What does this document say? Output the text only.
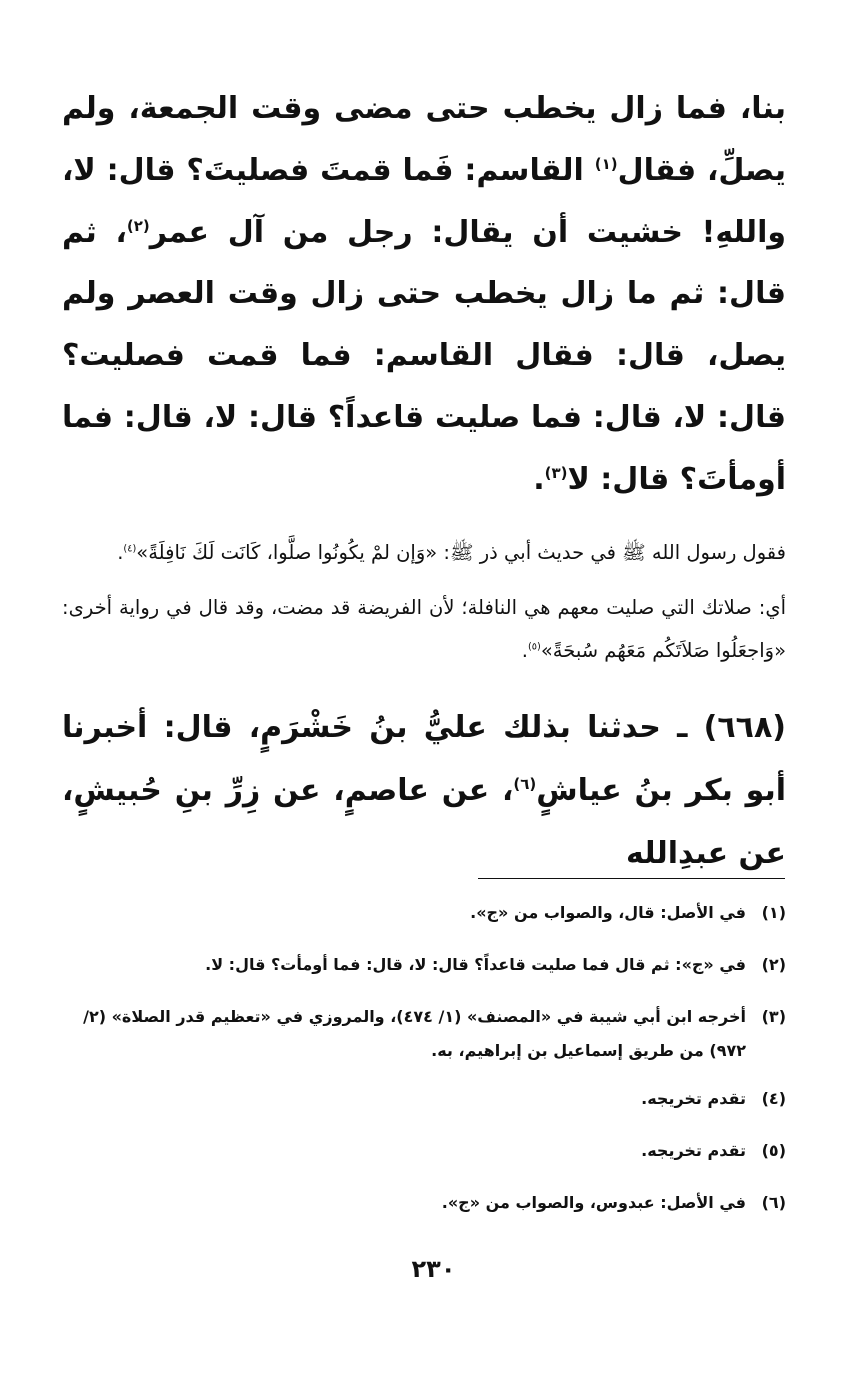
بنا، فما زال يخطب حتى مضى وقت الجمعة، ولم يصلِّ، فقال$^{(١)}$ القاسم: فَما قمتَ فصليتَ؟ قال: لا، واللهِ! خشيت أن يقال: رجل من آل عمر$^{(٢)}$، ثم قال: ثم ما زال يخطب حتى زال وقت العصر ولم يصل، قال: فقال القاسم: فما قمت فصليت؟ قال: لا، قال: فما صليت قاعداً؟ قال: لا، قال: فما أومأتَ؟ قال: لا$^{(٣)}$.

فقول رسول الله ﷺ في حديث أبي ذر ﷺ: «وَإن لمْ يكُونُوا صلَّوا، كَانَت لَكَ نَافِلَةً»$^{(٤)}$.

أي: صلاتك التي صليت معهم هي النافلة؛ لأن الفريضة قد مضت، وقد قال في رواية أخرى: «وَاجعَلُوا صَلاَتَكُم مَعَهُم سُبحَةً»$^{(٥)}$.

(٦٦٨) ـ حدثنا بذلك عليُّ بنُ خَشْرَمٍ، قال: أخبرنا أبو بكر بنُ عياشٍ$^{(٦)}$، عن عاصمٍ، عن زِرِّ بنِ حُبيشٍ، عن عبدِالله

(١)
في الأصل: قال، والصواب من «ج».
(٢)
في «ج»: ثم قال فما صليت قاعداً؟ قال: لا، قال: فما أومأت؟ قال: لا.
(٣)
أخرجه ابن أبي شيبة في «المصنف» (١/ ٤٧٤)، والمروزي في «تعظيم قدر الصلاة» (٢/ ٩٧٢) من طريق إسماعيل بن إبراهيم، به.
(٤)
تقدم تخريجه.
(٥)
تقدم تخريجه.
(٦)
في الأصل: عبدوس، والصواب من «ج».
٢٣٠
